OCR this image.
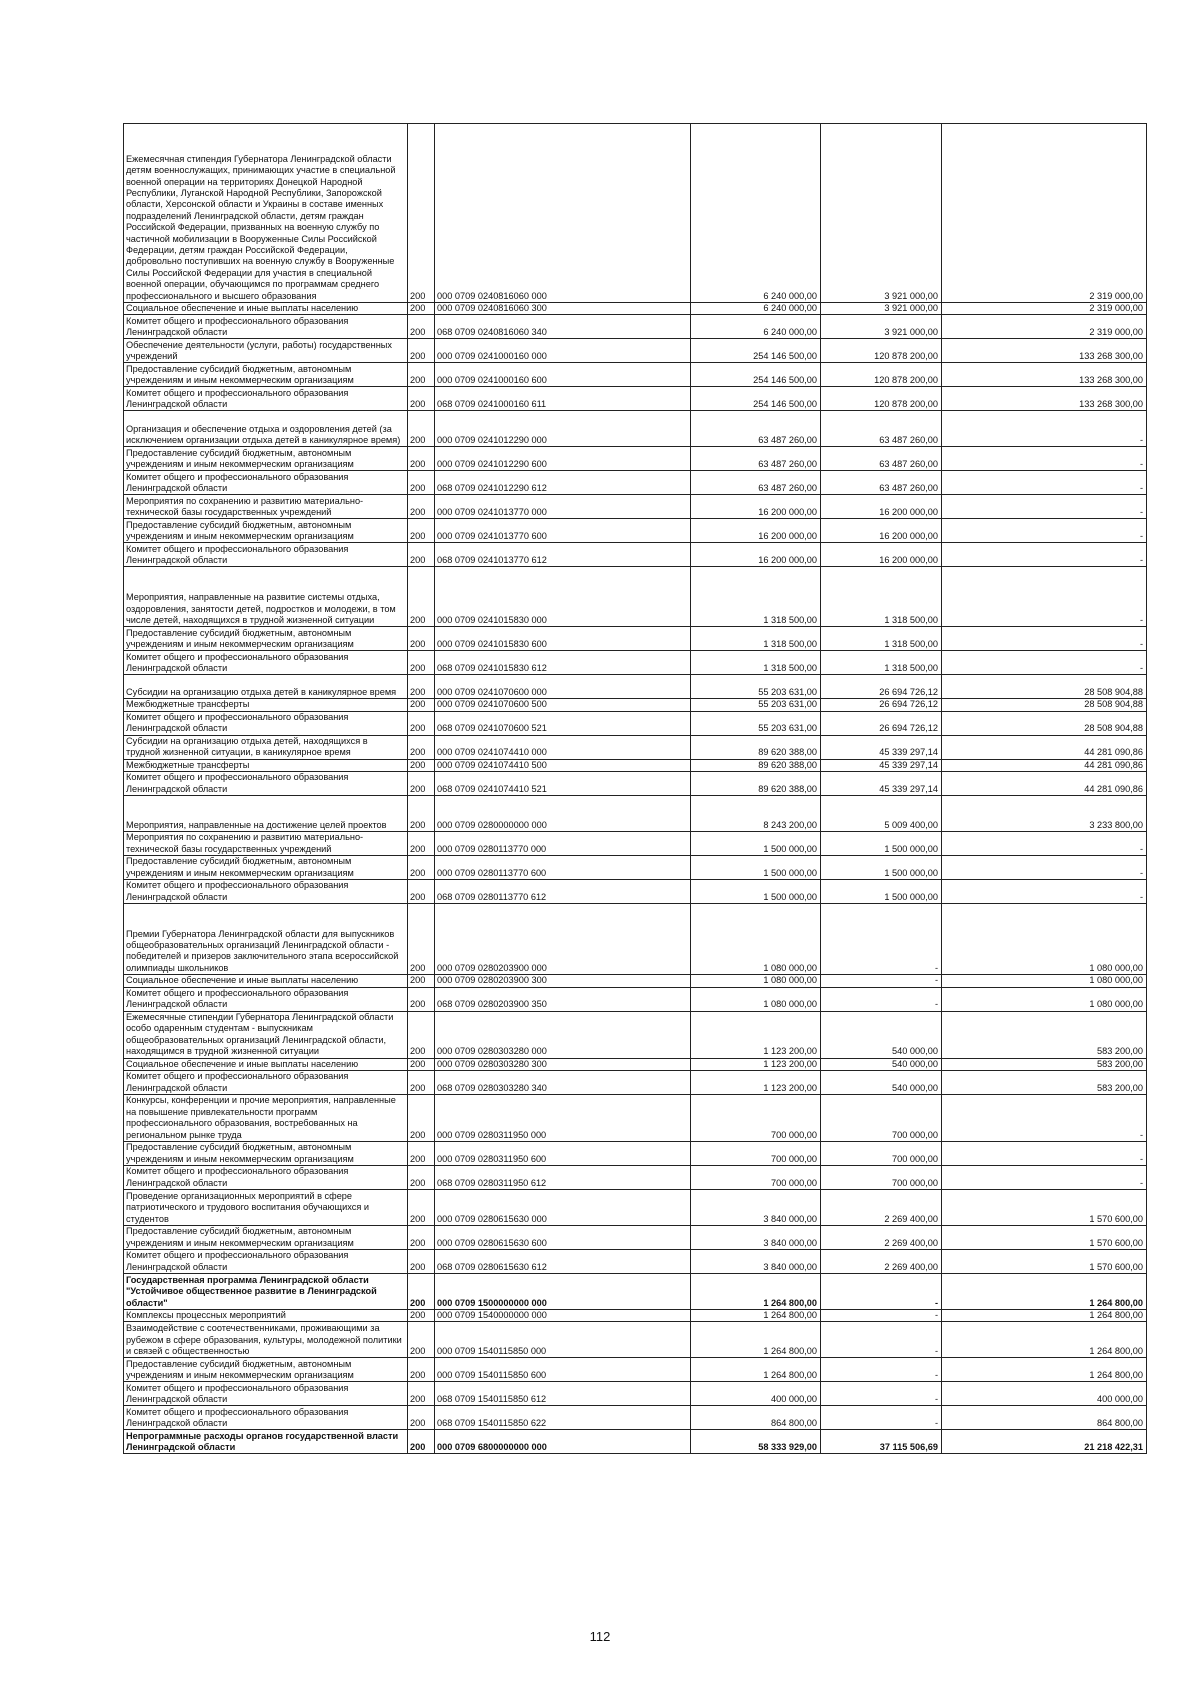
Ежемесячная стипендия Губернатора Ленинградской области детям военнослужащих, принимающих участие в специальной военной операции на территориях Донецкой Народной Республики, Луганской Народной Республики, Запорожской области, Херсонской области и Украины в составе именных подразделений Ленинградской области, детям граждан Российской Федерации, призванных на военную службу по частичной мобилизации в Вооруженные Силы Российской Федерации, детям граждан Российской Федерации, добровольно поступивших на военную службу в Вооруженные Силы Российской Федерации для участия в специальной военной операции, обучающимся по программам среднего профессионального и высшего образования	200	000 0709 0240816060 000	6 240 000,00	3 921 000,00	2 319 000,00
Социальное обеспечение и иные выплаты населению	200	000 0709 0240816060 300	6 240 000,00	3 921 000,00	2 319 000,00
Комитет общего и профессионального образования Ленинградской области	200	068 0709 0240816060 340	6 240 000,00	3 921 000,00	2 319 000,00
Обеспечение деятельности (услуги, работы) государственных учреждений	200	000 0709 0241000160 000	254 146 500,00	120 878 200,00	133 268 300,00
Предоставление субсидий бюджетным, автономным учреждениям и иным некоммерческим организациям	200	000 0709 0241000160 600	254 146 500,00	120 878 200,00	133 268 300,00
Комитет общего и профессионального образования Ленинградской области	200	068 0709 0241000160 611	254 146 500,00	120 878 200,00	133 268 300,00
Организация и обеспечение отдыха и оздоровления детей (за исключением организации отдыха детей в каникулярное время)	200	000 0709 0241012290 000	63 487 260,00	63 487 260,00	-
Предоставление субсидий бюджетным, автономным учреждениям и иным некоммерческим организациям	200	000 0709 0241012290 600	63 487 260,00	63 487 260,00	-
Комитет общего и профессионального образования Ленинградской области	200	068 0709 0241012290 612	63 487 260,00	63 487 260,00	-
Мероприятия по сохранению и развитию материально-технической базы государственных учреждений	200	000 0709 0241013770 000	16 200 000,00	16 200 000,00	-
Предоставление субсидий бюджетным, автономным учреждениям и иным некоммерческим организациям	200	000 0709 0241013770 600	16 200 000,00	16 200 000,00	-
Комитет общего и профессионального образования Ленинградской области	200	068 0709 0241013770 612	16 200 000,00	16 200 000,00	-
Мероприятия, направленные на развитие системы отдыха, оздоровления, занятости детей, подростков и молодежи, в том числе детей, находящихся в трудной жизненной ситуации	200	000 0709 0241015830 000	1 318 500,00	1 318 500,00	-
Предоставление субсидий бюджетным, автономным учреждениям и иным некоммерческим организациям	200	000 0709 0241015830 600	1 318 500,00	1 318 500,00	-
Комитет общего и профессионального образования Ленинградской области	200	068 0709 0241015830 612	1 318 500,00	1 318 500,00	-
Субсидии на организацию отдыха детей в каникулярное время	200	000 0709 0241070600 000	55 203 631,00	26 694 726,12	28 508 904,88
Межбюджетные трансферты	200	000 0709 0241070600 500	55 203 631,00	26 694 726,12	28 508 904,88
Комитет общего и профессионального образования Ленинградской области	200	068 0709 0241070600 521	55 203 631,00	26 694 726,12	28 508 904,88
Субсидии на организацию отдыха детей, находящихся в трудной жизненной ситуации, в каникулярное время	200	000 0709 0241074410 000	89 620 388,00	45 339 297,14	44 281 090,86
Межбюджетные трансферты	200	000 0709 0241074410 500	89 620 388,00	45 339 297,14	44 281 090,86
Комитет общего и профессионального образования Ленинградской области	200	068 0709 0241074410 521	89 620 388,00	45 339 297,14	44 281 090,86
Мероприятия, направленные на достижение целей проектов	200	000 0709 0280000000 000	8 243 200,00	5 009 400,00	3 233 800,00
Мероприятия по сохранению и развитию материально-технической базы государственных учреждений	200	000 0709 0280113770 000	1 500 000,00	1 500 000,00	-
Предоставление субсидий бюджетным, автономным учреждениям и иным некоммерческим организациям	200	000 0709 0280113770 600	1 500 000,00	1 500 000,00	-
Комитет общего и профессионального образования Ленинградской области	200	068 0709 0280113770 612	1 500 000,00	1 500 000,00	-
Премии Губернатора Ленинградской области для выпускников общеобразовательных организаций Ленинградской области - победителей и призеров заключительного этапа всероссийской олимпиады школьников	200	000 0709 0280203900 000	1 080 000,00	-	1 080 000,00
Социальное обеспечение и иные выплаты населению	200	000 0709 0280203900 300	1 080 000,00	-	1 080 000,00
Комитет общего и профессионального образования Ленинградской области	200	068 0709 0280203900 350	1 080 000,00	-	1 080 000,00
Ежемесячные стипендии Губернатора Ленинградской области особо одаренным студентам - выпускникам общеобразовательных организаций Ленинградской области, находящимся в трудной жизненной ситуации	200	000 0709 0280303280 000	1 123 200,00	540 000,00	583 200,00
Социальное обеспечение и иные выплаты населению	200	000 0709 0280303280 300	1 123 200,00	540 000,00	583 200,00
Комитет общего и профессионального образования Ленинградской области	200	068 0709 0280303280 340	1 123 200,00	540 000,00	583 200,00
Конкурсы, конференции и прочие мероприятия, направленные на повышение привлекательности программ профессионального образования, востребованных на региональном рынке труда	200	000 0709 0280311950 000	700 000,00	700 000,00	-
Предоставление субсидий бюджетным, автономным учреждениям и иным некоммерческим организациям	200	000 0709 0280311950 600	700 000,00	700 000,00	-
Комитет общего и профессионального образования Ленинградской области	200	068 0709 0280311950 612	700 000,00	700 000,00	-
Проведение организационных мероприятий в сфере патриотического и трудового воспитания обучающихся и студентов	200	000 0709 0280615630 000	3 840 000,00	2 269 400,00	1 570 600,00
Предоставление субсидий бюджетным, автономным учреждениям и иным некоммерческим организациям	200	000 0709 0280615630 600	3 840 000,00	2 269 400,00	1 570 600,00
Комитет общего и профессионального образования Ленинградской области	200	068 0709 0280615630 612	3 840 000,00	2 269 400,00	1 570 600,00
Государственная программа Ленинградской области "Устойчивое общественное развитие в Ленинградской области"	200	000 0709 1500000000 000	1 264 800,00	-	1 264 800,00
Комплексы процессных мероприятий	200	000 0709 1540000000 000	1 264 800,00	-	1 264 800,00
Взаимодействие с соотечественниками, проживающими за рубежом в сфере образования, культуры, молодежной политики и связей с общественностью	200	000 0709 1540115850 000	1 264 800,00	-	1 264 800,00
Предоставление субсидий бюджетным, автономным учреждениям и иным некоммерческим организациям	200	000 0709 1540115850 600	1 264 800,00	-	1 264 800,00
Комитет общего и профессионального образования Ленинградской области	200	068 0709 1540115850 612	400 000,00	-	400 000,00
Комитет общего и профессионального образования Ленинградской области	200	068 0709 1540115850 622	864 800,00	-	864 800,00
Непрограммные расходы органов государственной власти Ленинградской области	200	000 0709 6800000000 000	58 333 929,00	37 115 506,69	21 218 422,31
112
